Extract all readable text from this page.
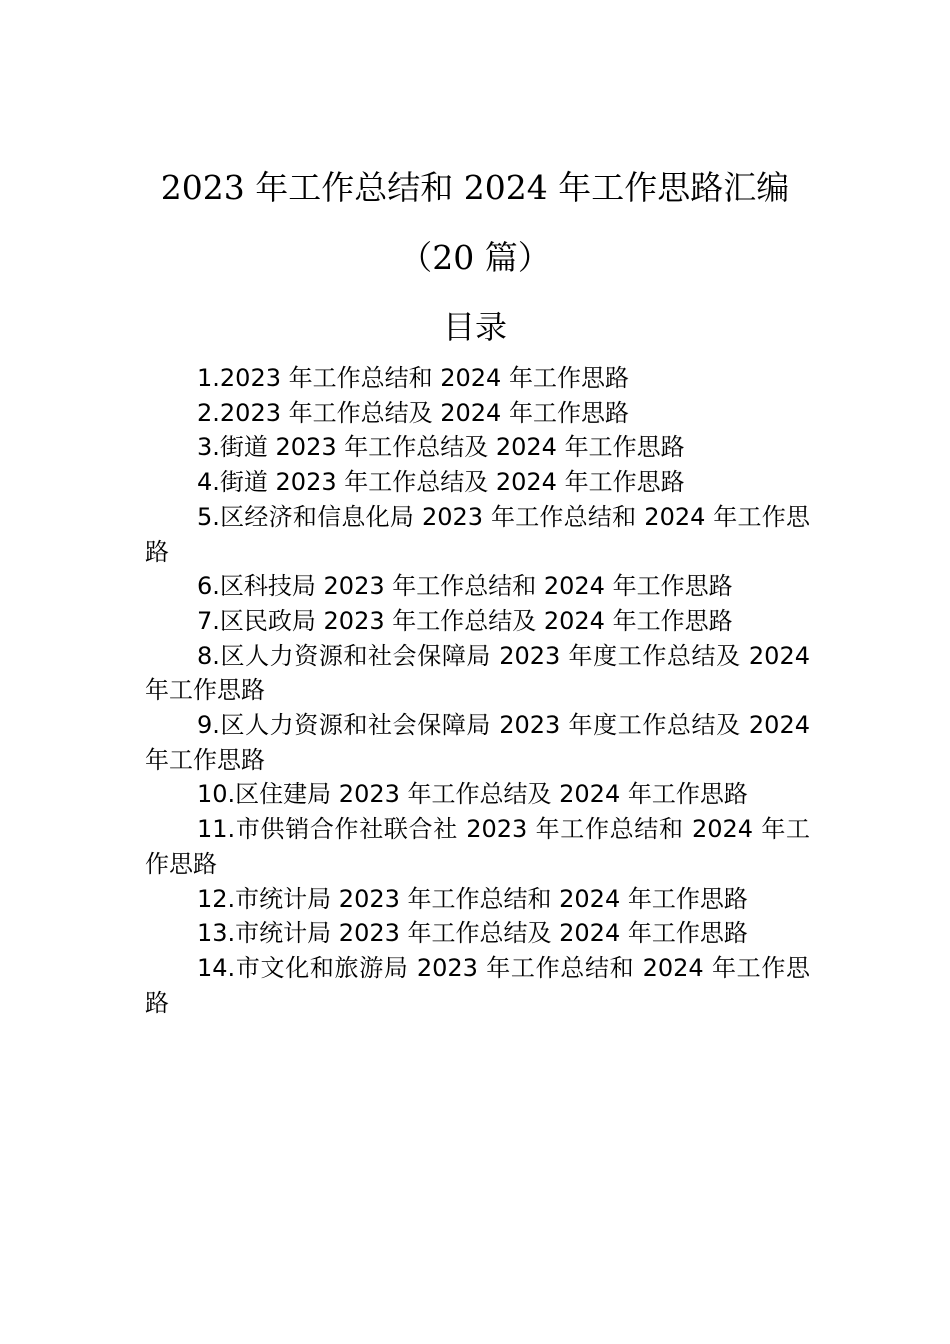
2023 年工作总结和 2024 年工作思路汇编
（20 篇）
目录
1.2023 年工作总结和 2024 年工作思路
2.2023 年工作总结及 2024 年工作思路
3.街道 2023 年工作总结及 2024 年工作思路
4.街道 2023 年工作总结及 2024 年工作思路
5.区经济和信息化局 2023 年工作总结和 2024 年工作思路
6.区科技局 2023 年工作总结和 2024 年工作思路
7.区民政局 2023 年工作总结及 2024 年工作思路
8.区人力资源和社会保障局 2023 年度工作总结及 2024 年工作思路
9.区人力资源和社会保障局 2023 年度工作总结及 2024 年工作思路
10.区住建局 2023 年工作总结及 2024 年工作思路
11.市供销合作社联合社 2023 年工作总结和 2024 年工作思路
12.市统计局 2023 年工作总结和 2024 年工作思路
13.市统计局 2023 年工作总结及 2024 年工作思路
14.市文化和旅游局 2023 年工作总结和 2024 年工作思路
